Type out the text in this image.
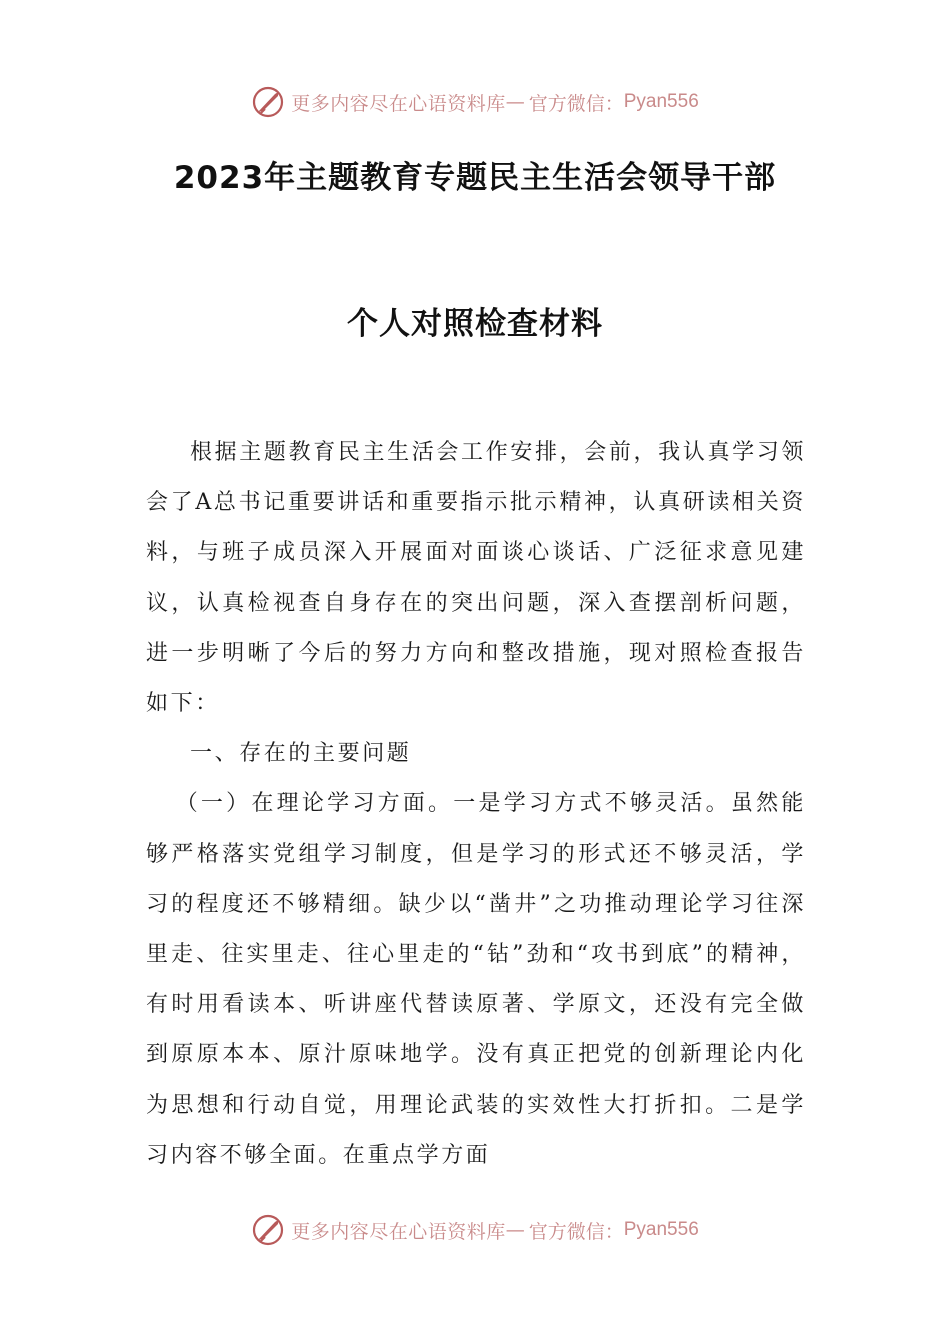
更多内容尽在心语资料库 — 官方微信： Pyan556
2023年主题教育专题民主生活会领导干部
个人对照检查材料

根据主题教育民主生活会工作安排，会前，我认真学习领会了A总书记重要讲话和重要指示批示精神，认真研读相关资料，与班子成员深入开展面对面谈心谈话、广泛征求意见建议，认真检视查自身存在的突出问题，深入查摆剖析问题，进一步明晰了今后的努力方向和整改措施，现对照检查报告如下：

一、存在的主要问题

（一）在理论学习方面。一是学习方式不够灵活。虽然能够严格落实党组学习制度，但是学习的形式还不够灵活，学习的程度还不够精细。缺少以“凿井”之功推动理论学习往深里走、往实里走、往心里走的“钻”劲和“攻书到底”的精神，有时用看读本、听讲座代替读原著、学原文，还没有完全做到原原本本、原汁原味地学。没有真正把党的创新理论内化为思想和行动自觉，用理论武装的实效性大打折扣。二是学习内容不够全面。在重点学方面

更多内容尽在心语资料库 — 官方微信： Pyan556
